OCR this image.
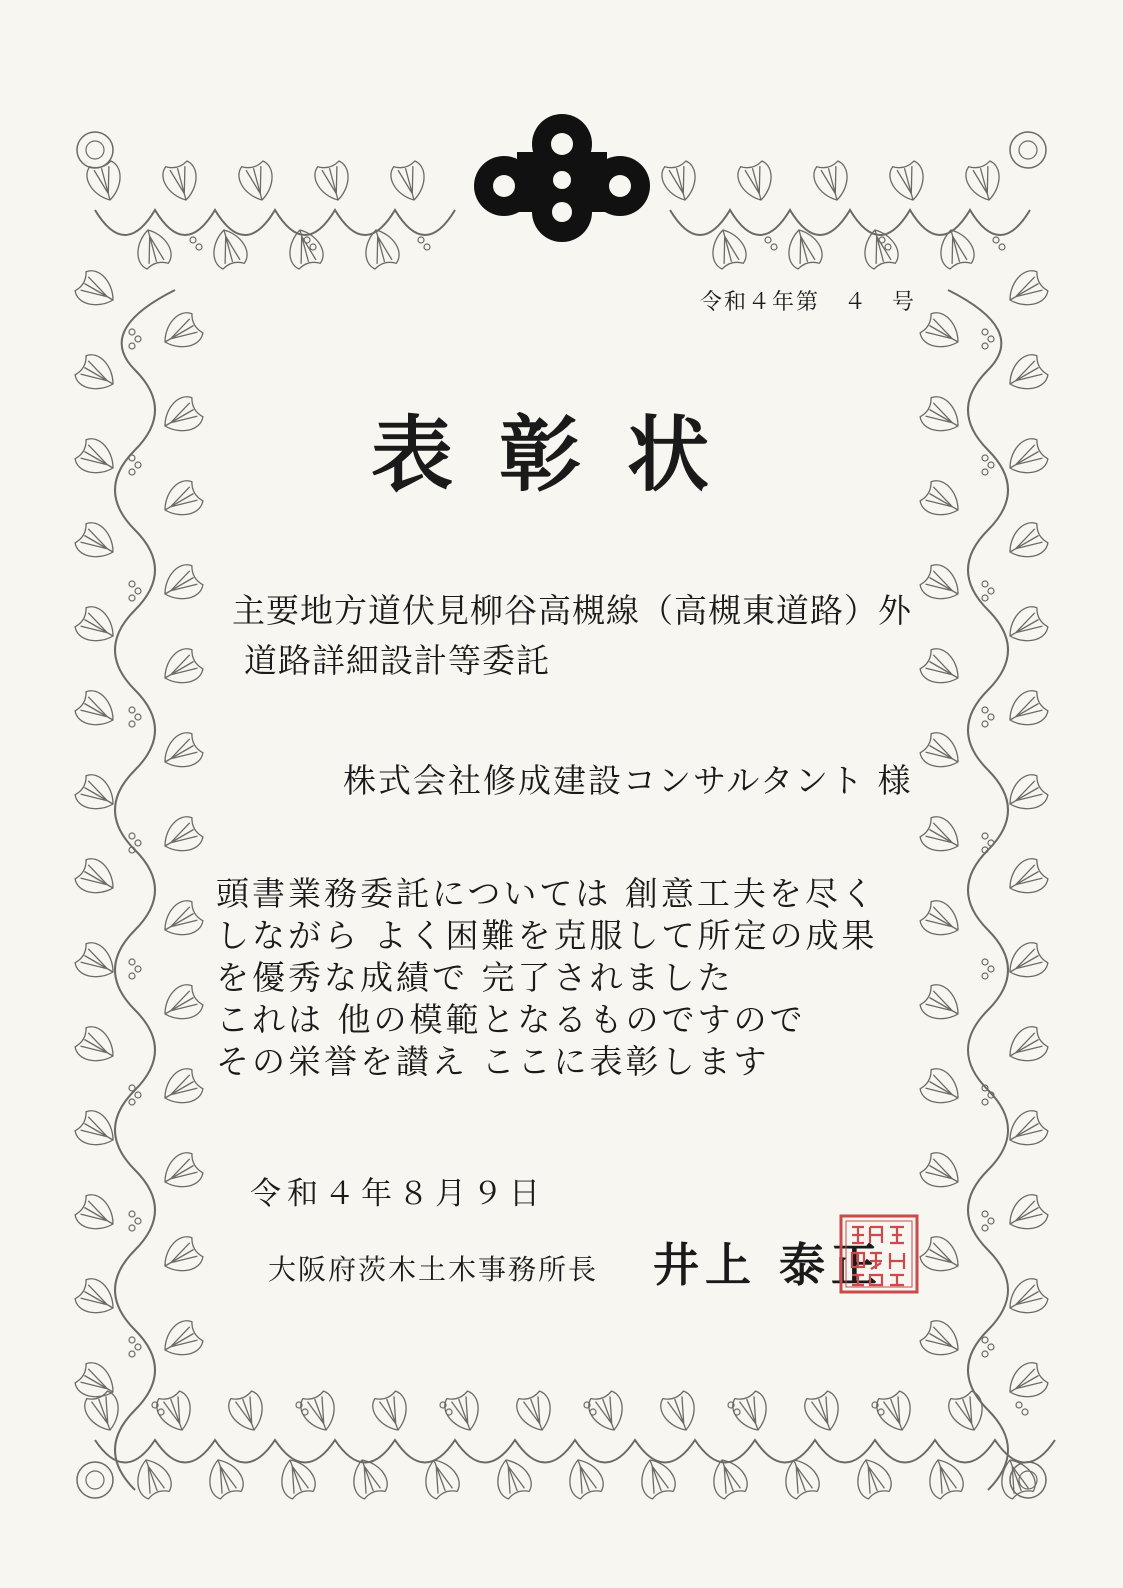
令和４年第　４　号

表彰状
主要地方道伏見柳谷高槻線（高槻東道路）外
道路詳細設計等委託

株式会社修成建設コンサルタント 様

頭書業務委託については 創意工夫を尽く
しながら よく困難を克服して所定の成果
を優秀な成績で 完了されました
これは 他の模範となるものですので
その栄誉を讃え ここに表彰します

令和４年８月９日

大阪府茨木土木事務所長 井上 泰正
